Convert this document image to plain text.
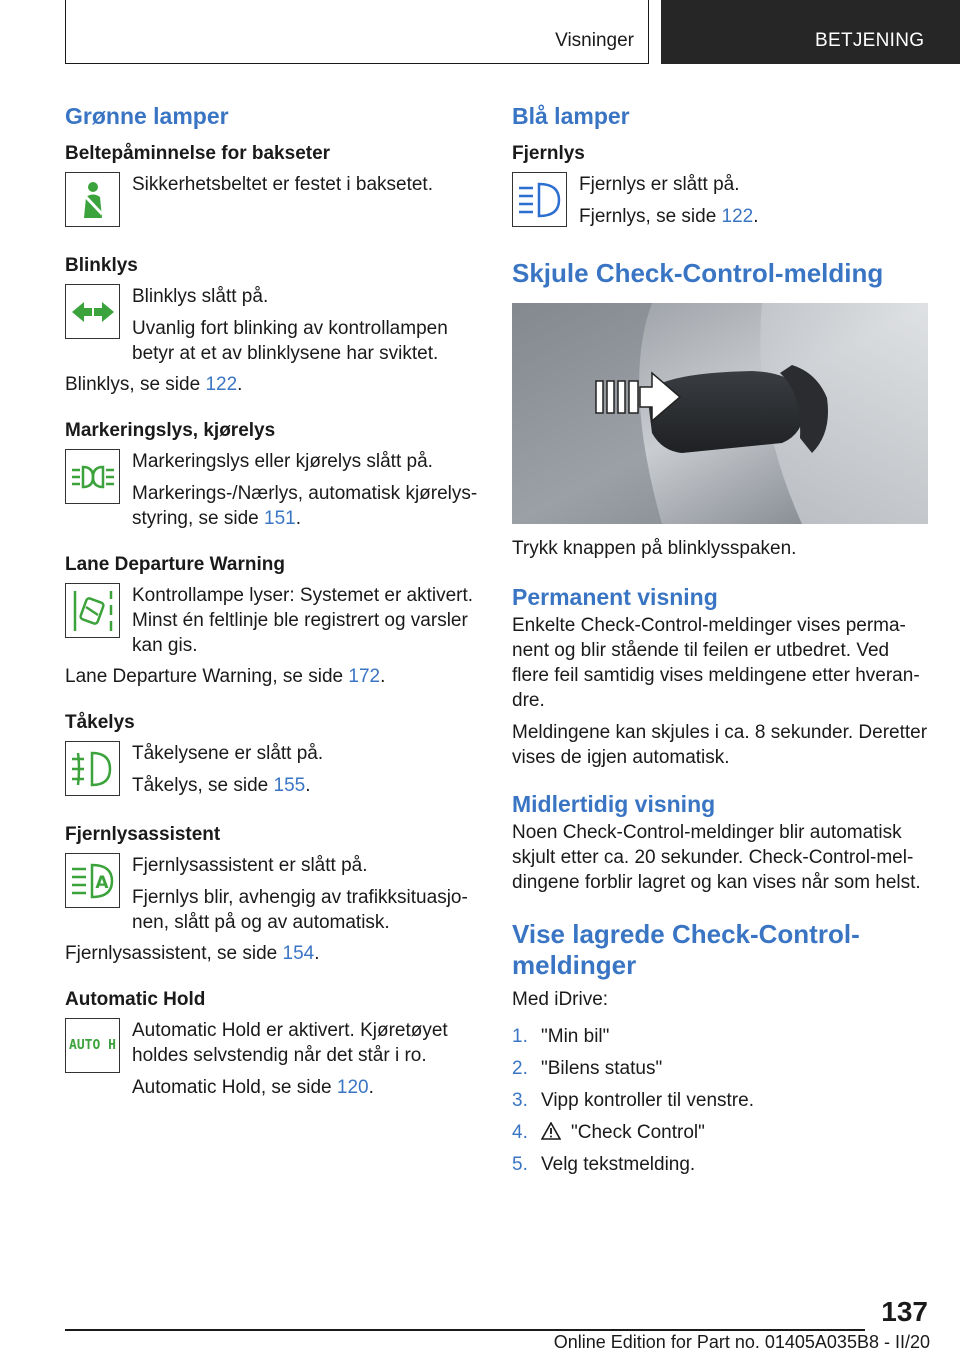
Visninger	BETJENING
Grønne lamper
Beltepåminnelse for bakseter
Sikkerhetsbeltet er festet i baksetet.
Blinklys
Blinklys slått på.
Uvanlig fort blinking av kontrollampen betyr at et av blinklysene har sviktet.
Blinklys, se side 122.
Markeringslys, kjørelys
Markeringslys eller kjørelys slått på.
Markerings-/Nærlys, automatisk kjørelysstyring, se side 151.
Lane Departure Warning
Kontrollampe lyser: Systemet er aktivert. Minst én feltlinje ble registrert og varsler kan gis.
Lane Departure Warning, se side 172.
Tåkelys
Tåkelysene er slått på.
Tåkelys, se side 155.
Fjernlysassistent
A
Fjernlysassistent er slått på.
Fjernlys blir, avhengig av trafikksituasjonen, slått på og av automatisk.
Fjernlysassistent, se side 154.
Automatic Hold
AUTO H
Automatic Hold er aktivert. Kjøretøyet holdes selvstendig når det står i ro.
Automatic Hold, se side 120.
Blå lamper
Fjernlys
Fjernlys er slått på.
Fjernlys, se side 122.
Skjule Check-Control-melding
Trykk knappen på blinklysspaken.
Permanent visning
Enkelte Check-Control-meldinger vises permanent og blir stående til feilen er utbedret. Ved flere feil samtidig vises meldingene etter hverandre.
Meldingene kan skjules i ca. 8 sekunder. Deretter vises de igjen automatisk.
Midlertidig visning
Noen Check-Control-meldinger blir automatisk skjult etter ca. 20 sekunder. Check-Control-meldingene forblir lagret og kan vises når som helst.
Vise lagrede Check-Control-meldinger
Med iDrive:
1. "Min bil"
2. "Bilens status"
3. Vipp kontroller til venstre.
4.	"Check Control"
5. Velg tekstmelding.
137
Online Edition for Part no. 01405A035B8 - II/20
